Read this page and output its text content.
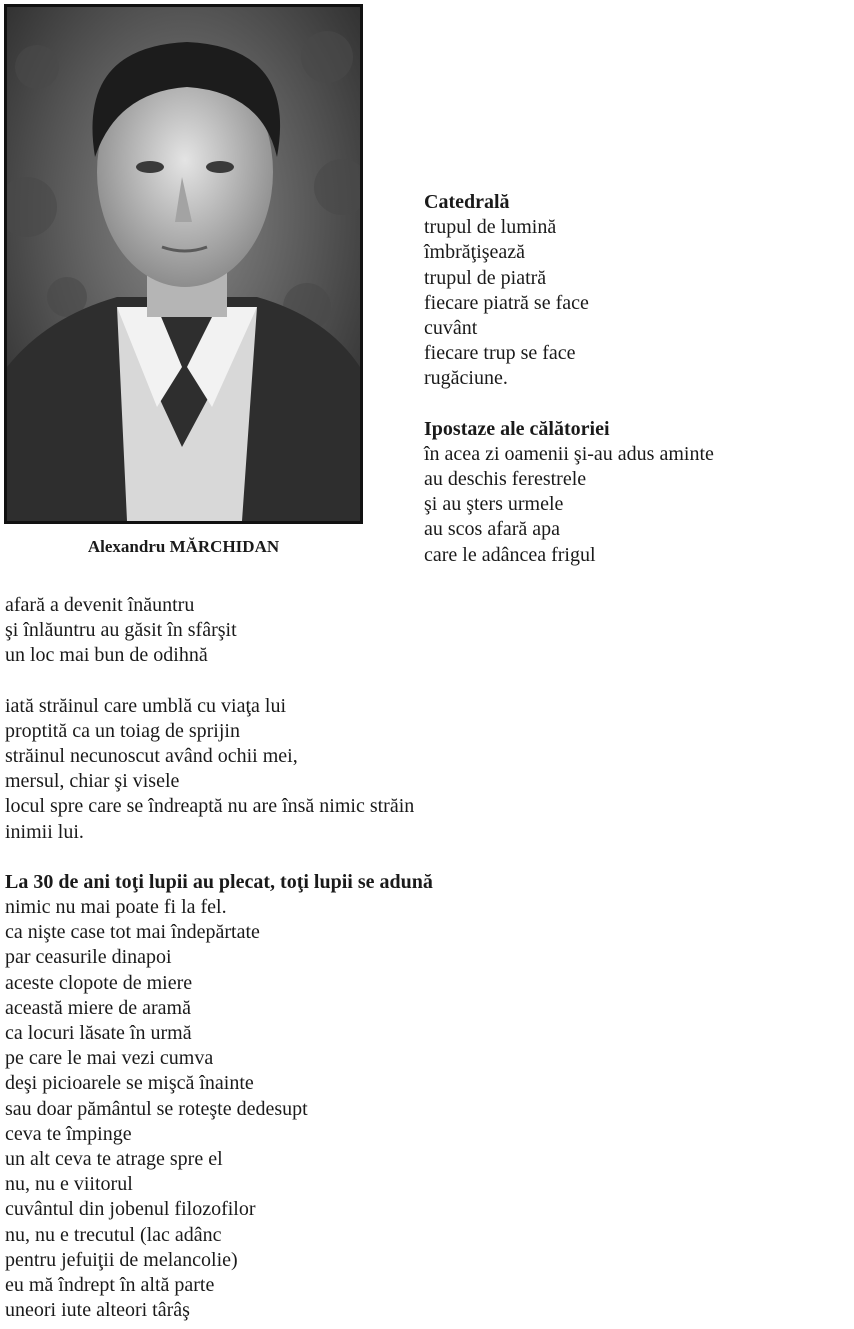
Alexandru MĂRCHIDAN
Catedrală
trupul de lumină
îmbrăţişează
trupul de piatră
fiecare piatră se face
cuvânt
fiecare trup se face
rugăciune.
Ipostaze ale călătoriei
în acea zi oamenii şi-au adus aminte
au deschis ferestrele
şi au şters urmele
au scos afară apa
care le adâncea frigul
afară a devenit înăuntru
şi înlăuntru au găsit în sfârşit
un loc mai bun de odihnă
iată străinul care umblă cu viaţa lui
proptită ca un toiag de sprijin
străinul necunoscut având ochii mei,
mersul, chiar şi visele
locul spre care se îndreaptă nu are însă nimic străin
inimii lui.
La 30 de ani toţi lupii au plecat, toţi lupii se adună
nimic nu mai poate fi la fel.
ca nişte case tot mai îndepărtate
par ceasurile dinapoi
aceste clopote de miere
această miere de aramă
ca locuri lăsate în urmă
pe care le mai vezi cumva
deşi picioarele se mişcă înainte
sau doar pământul se roteşte dedesupt
ceva te împinge
un alt ceva te atrage spre el
nu, nu e viitorul
cuvântul din jobenul filozofilor
nu, nu e trecutul (lac adânc
pentru jefuiţii de melancolie)
eu mă îndrept în altă parte
uneori iute alteori târâş
